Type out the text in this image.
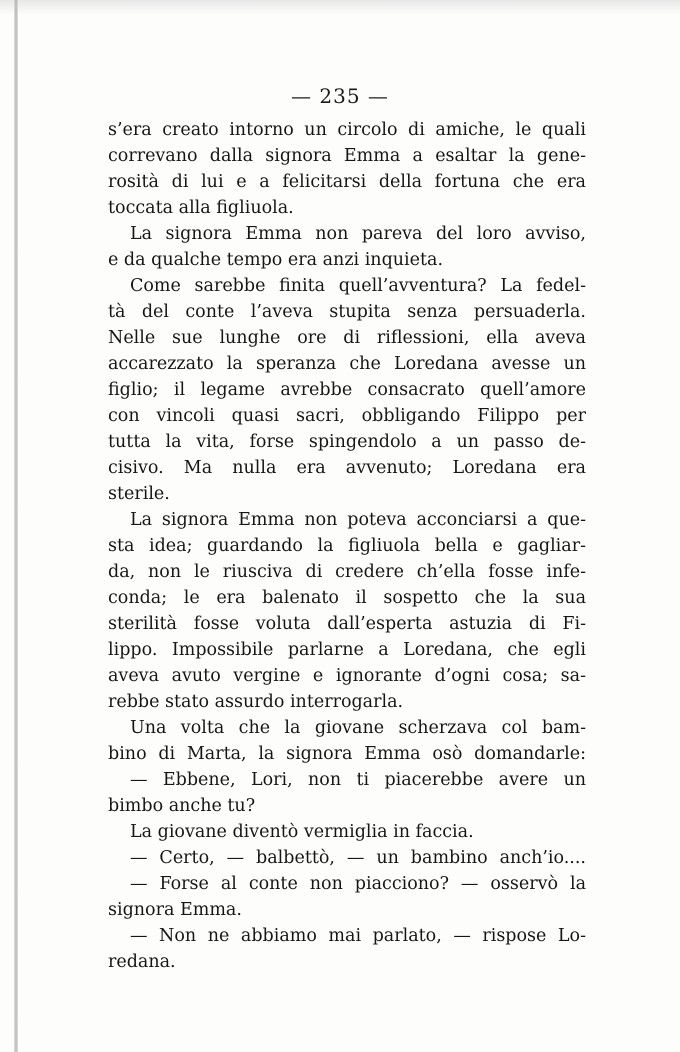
— 235 —
s’era creato intorno un circolo di amiche, le quali
correvano dalla signora Emma a esaltar la gene-
rosità di lui e a felicitarsi della fortuna che era
toccata alla figliuola.
La signora Emma non pareva del loro avviso,
e da qualche tempo era anzi inquieta.
Come sarebbe finita quell’avventura? La fedel-
tà del conte l’aveva stupita senza persuaderla.
Nelle sue lunghe ore di riflessioni, ella aveva
accarezzato la speranza che Loredana avesse un
figlio; il legame avrebbe consacrato quell’amore
con vincoli quasi sacri, obbligando Filippo per
tutta la vita, forse spingendolo a un passo de-
cisivo. Ma nulla era avvenuto; Loredana era
sterile.
La signora Emma non poteva acconciarsi a que-
sta idea; guardando la figliuola bella e gagliar-
da, non le riusciva di credere ch’ella fosse infe-
conda; le era balenato il sospetto che la sua
sterilità fosse voluta dall’esperta astuzia di Fi-
lippo. Impossibile parlarne a Loredana, che egli
aveva avuto vergine e ignorante d’ogni cosa; sa-
rebbe stato assurdo interrogarla.
Una volta che la giovane scherzava col bam-
bino di Marta, la signora Emma osò domandarle:
— Ebbene, Lori, non ti piacerebbe avere un
bimbo anche tu?
La giovane diventò vermiglia in faccia.
— Certo, — balbettò, — un bambino anch’io....
— Forse al conte non piacciono? — osservò la
signora Emma.
— Non ne abbiamo mai parlato, — rispose Lo-
redana.
